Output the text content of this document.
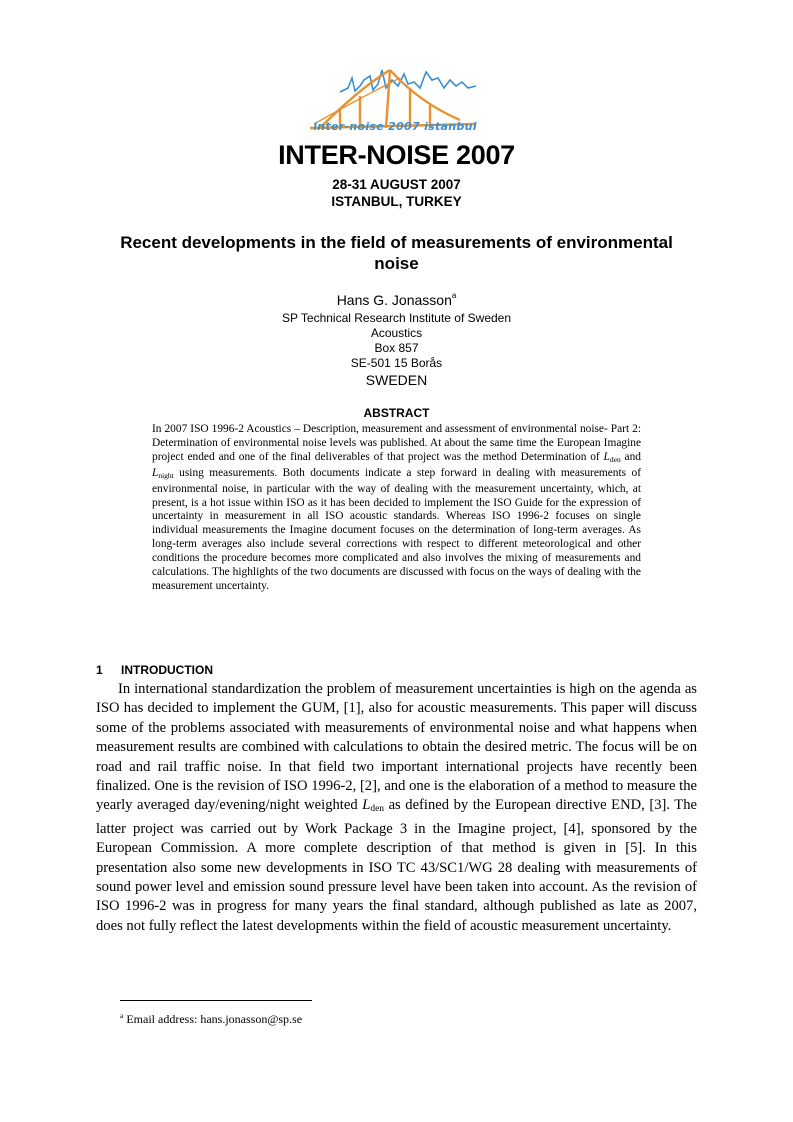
inter-noise 2007 istanbul
INTER-NOISE 2007
28-31 AUGUST 2007
ISTANBUL, TURKEY
Recent developments in the field of measurements of environmental noise
Hans G. Jonasson$^a$
SP Technical Research Institute of Sweden
Acoustics
Box 857
SE-501 15 Borås
SWEDEN
ABSTRACT
In 2007 ISO 1996-2 Acoustics – Description, measurement and assessment of environmental noise- Part 2: Determination of environmental noise levels was published. At about the same time the European Imagine project ended and one of the final deliverables of that project was the method Determination of $L_{den}$ and $L_{night}$ using measurements. Both documents indicate a step forward in dealing with measurements of environmental noise, in particular with the way of dealing with the measurement uncertainty, which, at present, is a hot issue within ISO as it has been decided to implement the ISO Guide for the expression of uncertainty in measurement in all ISO acoustic standards. Whereas ISO 1996-2 focuses on single individual measurements the Imagine document focuses on the determination of long-term averages. As long-term averages also include several corrections with respect to different meteorological and other conditions the procedure becomes more complicated and also involves the mixing of measurements and calculations. The highlights of the two documents are discussed with focus on the ways of dealing with the measurement uncertainty.
1 INTRODUCTION
In international standardization the problem of measurement uncertainties is high on the agenda as ISO has decided to implement the GUM, [1], also for acoustic measurements. This paper will discuss some of the problems associated with measurements of environmental noise and what happens when measurement results are combined with calculations to obtain the desired metric. The focus will be on road and rail traffic noise. In that field two important international projects have recently been finalized. One is the revision of ISO 1996-2, [2], and one is the elaboration of a method to measure the yearly averaged day/evening/night weighted Lden as defined by the European directive END, [3]. The latter project was carried out by Work Package 3 in the Imagine project, [4], sponsored by the European Commission. A more complete description of that method is given in [5]. In this presentation also some new developments in ISO TC 43/SC1/WG 28 dealing with measurements of sound power level and emission sound pressure level have been taken into account. As the revision of ISO 1996-2 was in progress for many years the final standard, although published as late as 2007, does not fully reflect the latest developments within the field of acoustic measurement uncertainty.
$^a$ Email address: hans.jonasson@sp.se
